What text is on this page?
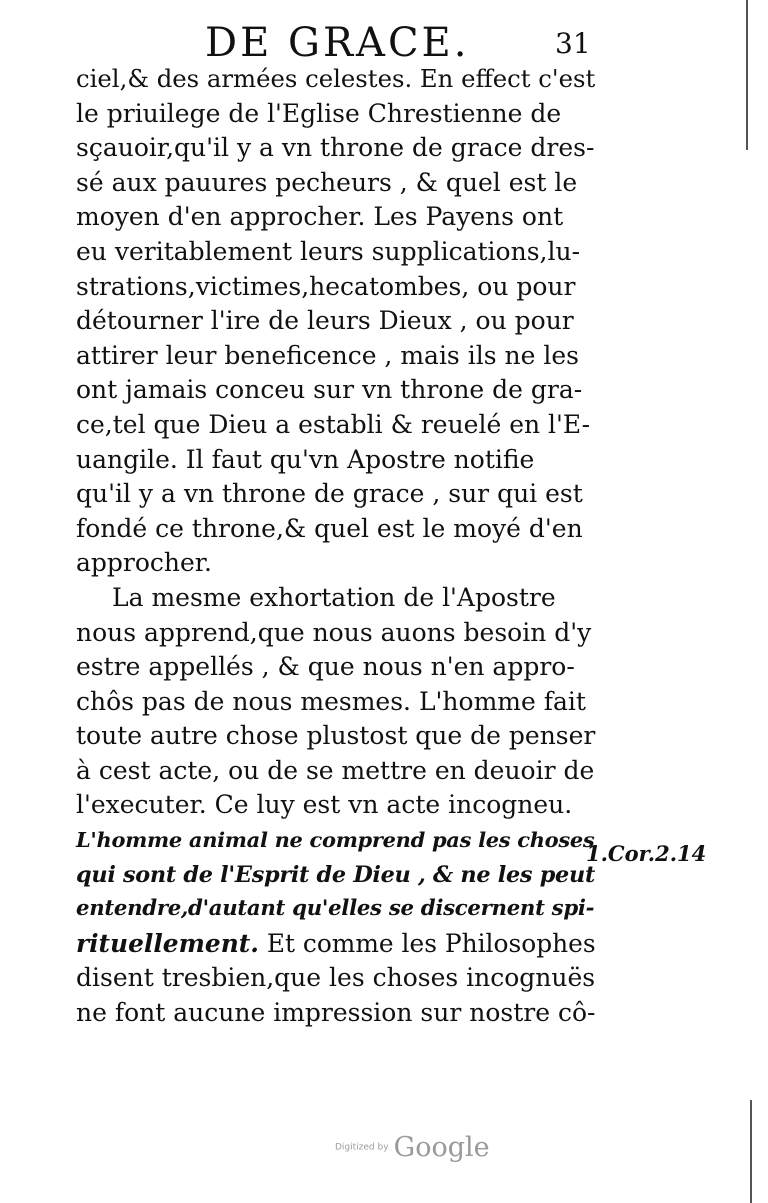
DE GRACE.	31
ciel,& des armées celestes. En effect c'est
le priuilege de l'Eglise Chrestienne de
sçauoir,qu'il y a vn throne de grace dres-
sé aux pauures pecheurs , & quel est le
moyen d'en approcher. Les Payens ont
eu veritablement leurs supplications,lu-
strations,victimes,hecatombes, ou pour
détourner l'ire de leurs Dieux , ou pour
attirer leur beneficence , mais ils ne les
ont jamais conceu sur vn throne de gra-
ce,tel que Dieu a establi & reuelé en l'E-
uangile. Il faut qu'vn Apostre notifie
qu'il y a vn throne de grace , sur qui est
fondé ce throne,& quel est le moyé d'en
approcher.
La mesme exhortation de l'Apostre
nous apprend,que nous auons besoin d'y
estre appellés , & que nous n'en appro-
chôs pas de nous mesmes. L'homme fait
toute autre chose plustost que de penser
à cest acte, ou de se mettre en deuoir de
l'executer. Ce luy est vn acte incogneu.
L'homme animal ne comprend pas les choses
qui sont de l'Esprit de Dieu , & ne les peut
entendre,d'autant qu'elles se discernent spi-
rituellement. Et comme les Philosophes
disent tresbien,que les choses incognuës
ne font aucune impression sur nostre cô-
1.Cor.2.14
Digitized by Google
